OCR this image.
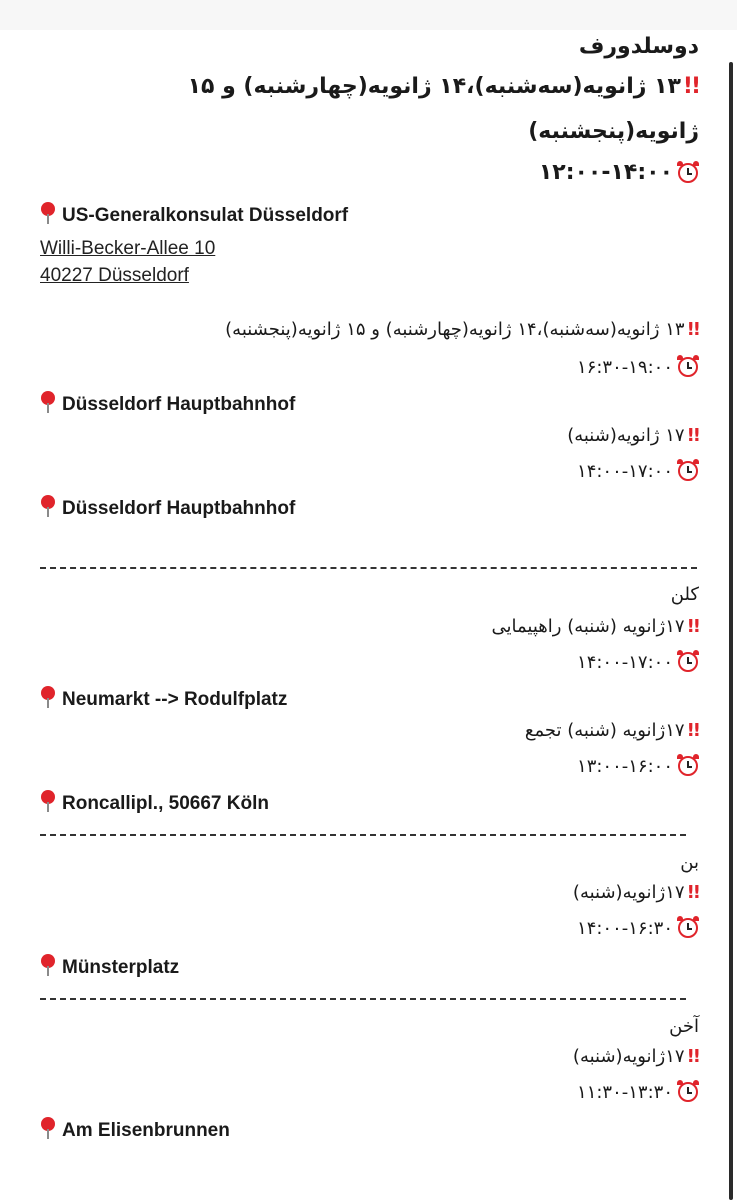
دوسلدورف
!!۱۳ ژانویه(سه‌شنبه)،۱۴ ژانویه(چهارشنبه) و ۱۵
ژانویه(پنجشنبه)
۱۲:۰۰-۱۴:۰۰
US-Generalkonsulat Düsseldorf
Willi-Becker-Allee 10
40227 Düsseldorf
!!۱۳ ژانویه(سه‌شنبه)،۱۴ ژانویه(چهارشنبه) و ۱۵ ژانویه(پنجشنبه)
۱۶:۳۰-۱۹:۰۰
Düsseldorf Hauptbahnhof
!!۱۷ ژانویه(شنبه)
۱۴:۰۰-۱۷:۰۰
Düsseldorf Hauptbahnhof
کلن
!!۱۷ژانویه (شنبه) راهپیمایی
۱۴:۰۰-۱۷:۰۰
Neumarkt --> Rodulfplatz
!!۱۷ژانویه (شنبه) تجمع
۱۳:۰۰-۱۶:۰۰
Roncallipl., 50667 Köln
بن
!!۱۷ژانویه(شنبه)
۱۴:۰۰-۱۶:۳۰
Münsterplatz
آخن
!!۱۷ژانویه(شنبه)
۱۱:۳۰-۱۳:۳۰
Am Elisenbrunnen
